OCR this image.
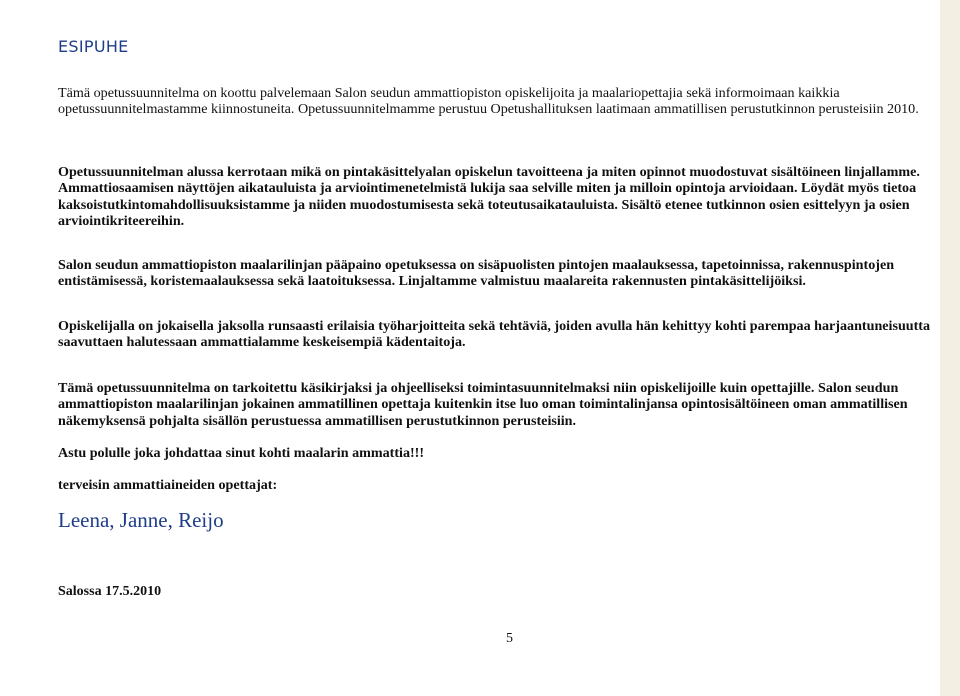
ESIPUHE

Tämä opetussuunnitelma on koottu palvelemaan Salon seudun ammattiopiston opiskelijoita ja maalariopettajia sekä informoimaan kaikkia opetussuunnitelmastamme kiinnostuneita. Opetussuunnitelmamme perustuu Opetushallituksen laatimaan ammatillisen perustutkinnon perusteisiin 2010.

Opetussuunnitelman alussa kerrotaan mikä on pintakäsittelyalan opiskelun tavoitteena ja miten opinnot muodostuvat sisältöineen linjallamme. Ammattiosaamisen näyttöjen aikatauluista ja arviointimenetelmistä lukija saa selville miten ja milloin opintoja arvioidaan. Löydät myös tietoa kaksoistutkintomahdollisuuksistamme ja niiden muodostumisesta sekä toteutusaikatauluista. Sisältö etenee tutkinnon osien esittelyyn ja osien arviointikriteereihin.

Salon seudun ammattiopiston maalarilinjan pääpaino opetuksessa on sisäpuolisten pintojen maalauksessa, tapetoinnissa, rakennuspintojen entistämisessä, koristemaalauksessa sekä laatoituksessa. Linjaltamme valmistuu maalareita rakennusten pintakäsittelijöiksi.

Opiskelijalla on jokaisella jaksolla runsaasti erilaisia työharjoitteita sekä tehtäviä, joiden avulla hän kehittyy kohti parempaa harjaantuneisuutta saavuttaen halutessaan ammattialamme keskeisempiä kädentaitoja.

Tämä opetussuunnitelma on tarkoitettu käsikirjaksi ja ohjeelliseksi toimintasuunnitelmaksi niin opiskelijoille kuin opettajille. Salon seudun ammattiopiston maalarilinjan jokainen ammatillinen opettaja kuitenkin itse luo oman toimintalinjansa opintosisältöineen oman ammatillisen näkemyksensä pohjalta sisällön perustuessa ammatillisen perustutkinnon perusteisiin.

Astu polulle joka johdattaa sinut kohti maalarin ammattia!!!

terveisin ammattiaineiden opettajat:

Leena, Janne, Reijo

Salossa 17.5.2010

5
